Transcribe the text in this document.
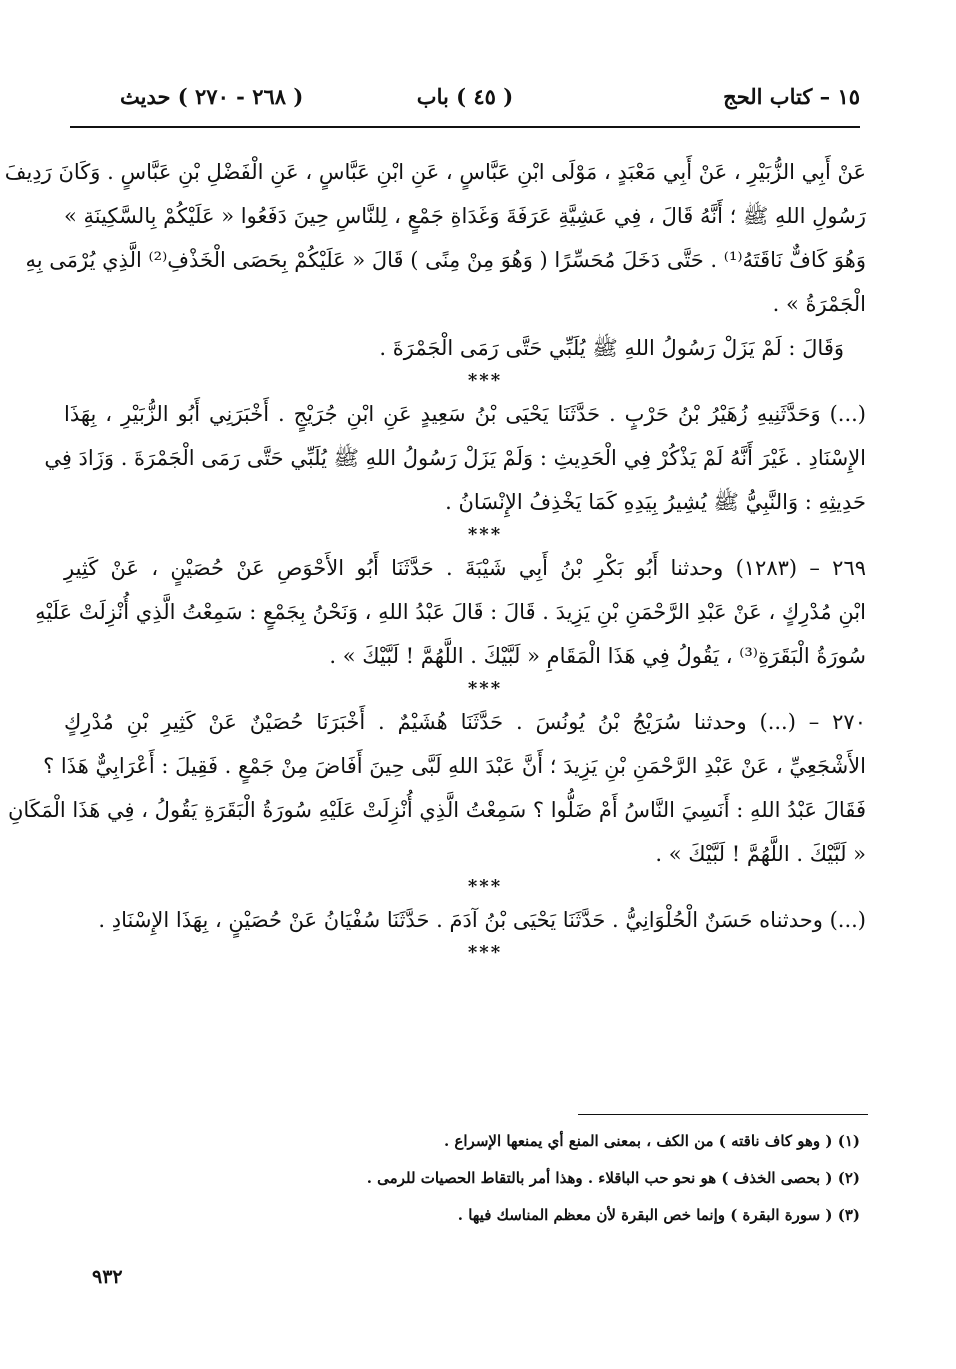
١٥ – كتاب الحج
( ٤٥ ) باب
( ٢٦٨ - ٢٧٠ ) حديث
عَنْ أَبِي الزُّبَيْرِ ، عَنْ أَبِي مَعْبَدٍ ، مَوْلَى ابْنِ عَبَّاسٍ ، عَنِ ابْنِ عَبَّاسٍ ، عَنِ الْفَضْلِ بْنِ عَبَّاسٍ . وَكَانَ رَدِيفَ
رَسُولِ اللهِ ﷺ ؛ أَنَّهُ قَالَ ، فِي عَشِيَّةِ عَرَفَةَ وَغَدَاةِ جَمْعٍ ، لِلنَّاسِ حِينَ دَفَعُوا « عَلَيْكُمْ بِالسَّكِينَةِ »
وَهُوَ كَافٌّ نَاقَتَهُ⁽¹⁾ . حَتَّى دَخَلَ مُحَسِّرًا ( وَهُوَ مِنْ مِنًى ) قَالَ « عَلَيْكُمْ بِحَصَى الْخَذْفِ⁽²⁾ الَّذِي يُرْمَى بِهِ
الْجَمْرَةُ » .
وَقَالَ : لَمْ يَزَلْ رَسُولُ اللهِ ﷺ يُلَبِّي حَتَّى رَمَى الْجَمْرَةَ .
***
(...) وَحَدَّثَنِيهِ زُهَيْرُ بْنُ حَرْبٍ . حَدَّثَنَا يَحْيَى بْنُ سَعِيدٍ عَنِ ابْنِ جُرَيْجٍ . أَخْبَرَنِي أَبُو الزُّبَيْرِ ، بِهَذَا
الإِسْنَادِ . غَيْرَ أَنَّهُ لَمْ يَذْكُرْ فِي الْحَدِيثِ : وَلَمْ يَزَلْ رَسُولُ اللهِ ﷺ يُلَبِّي حَتَّى رَمَى الْجَمْرَةَ . وَزَادَ فِي
حَدِيثِهِ : وَالنَّبِيُّ ﷺ يُشِيرُ بِيَدِهِ كَمَا يَخْذِفُ الإِنْسَانُ .
***
٢٦٩ – (١٢٨٣) وحدثنا أَبُو بَكْرِ بْنُ أَبِي شَيْبَةَ . حَدَّثَنَا أَبُو الأَحْوَصِ عَنْ حُصَيْنٍ ، عَنْ كَثِيرِ
ابْنِ مُدْرِكٍ ، عَنْ عَبْدِ الرَّحْمَنِ بْنِ يَزِيدَ . قَالَ : قَالَ عَبْدُ اللهِ ، وَنَحْنُ بِجَمْعٍ : سَمِعْتُ الَّذِي أُنْزِلَتْ عَلَيْهِ
سُورَةُ الْبَقَرَةِ⁽³⁾ ، يَقُولُ فِي هَذَا الْمَقَامِ « لَبَّيْكَ . اللَّهُمَّ ! لَبَّيْكَ » .
***
٢٧٠ – (...) وحدثنا سُرَيْجُ بْنُ يُونُسَ . حَدَّثَنَا هُشَيْمٌ . أَخْبَرَنَا حُصَيْنٌ عَنْ كَثِيرِ بْنِ مُدْرِكٍ
الأَشْجَعِيِّ ، عَنْ عَبْدِ الرَّحْمَنِ بْنِ يَزِيدَ ؛ أَنَّ عَبْدَ اللهِ لَبَّى حِينَ أَفَاضَ مِنْ جَمْعٍ . فَقِيلَ : أَعْرَابِيٌّ هَذَا ؟
فَقَالَ عَبْدُ اللهِ : أَنَسِيَ النَّاسُ أَمْ ضَلُّوا ؟ سَمِعْتُ الَّذِي أُنْزِلَتْ عَلَيْهِ سُورَةُ الْبَقَرَةِ يَقُولُ ، فِي هَذَا الْمَكَانِ
« لَبَّيْكَ . اللَّهُمَّ ! لَبَّيْكَ » .
***
(...) وحدثناه حَسَنٌ الْحُلْوَانِيُّ . حَدَّثَنَا يَحْيَى بْنُ آدَمَ . حَدَّثَنَا سُفْيَانُ عَنْ حُصَيْنٍ ، بِهَذَا الإِسْنَادِ .
***
(١) ( وهو كاف ناقته ) من الكف ، بمعنى المنع أي يمنعها الإسراع .
(٢) ( بحصى الخذف ) هو نحو حب الباقلاء . وهذا أمر بالتقاط الحصيات للرمى .
(٣) ( سورة البقرة ) وإنما خص البقرة لأن معظم المناسك فيها .
٩٣٢
